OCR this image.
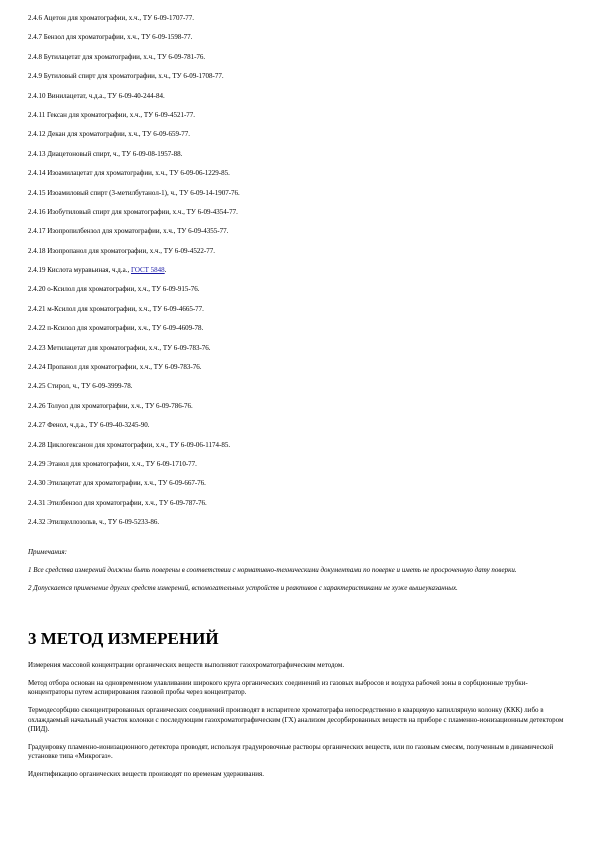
2.4.6 Ацетон для хроматографии, х.ч., ТУ 6-09-1707-77.
2.4.7 Бензол для хроматографии, х.ч., ТУ 6-09-1598-77.
2.4.8 Бутилацетат для хроматографии, х.ч., ТУ 6-09-781-76.
2.4.9 Бутиловый спирт для хроматографии, х.ч., ТУ 6-09-1708-77.
2.4.10 Винилацетат, ч.д.а., ТУ 6-09-40-244-84.
2.4.11 Гексан для хроматографии, х.ч., ТУ 6-09-4521-77.
2.4.12 Декан для хроматографии, х.ч., ТУ 6-09-659-77.
2.4.13 Диацетоновый спирт, ч., ТУ 6-09-08-1957-88.
2.4.14 Изоамилацетат для хроматографии, х.ч., ТУ 6-09-06-1229-85.
2.4.15 Изоамиловый спирт (3-метилбутанол-1), ч., ТУ 6-09-14-1907-76.
2.4.16 Изобутиловый спирт для хроматографии, х.ч., ТУ 6-09-4354-77.
2.4.17 Изопропилбензол для хроматографии, х.ч., ТУ 6-09-4355-77.
2.4.18 Изопропанол для хроматографии, х.ч., ТУ 6-09-4522-77.
2.4.19 Кислота муравьиная, ч.д.а., ГОСТ 5848.
2.4.20 о-Ксилол для хроматографии, х.ч., ТУ 6-09-915-76.
2.4.21 м-Ксилол для хроматографии, х.ч., ТУ 6-09-4665-77.
2.4.22 п-Ксилол для хроматографии, х.ч., ТУ 6-09-4609-78.
2.4.23 Метилацетат для хроматографии, х.ч., ТУ 6-09-783-76.
2.4.24 Пропанол для хроматографии, х.ч., ТУ 6-09-783-76.
2.4.25 Стирол, ч., ТУ 6-09-3999-78.
2.4.26 Толуол для хроматографии, х.ч., ТУ 6-09-786-76.
2.4.27 Фенол, ч.д.а., ТУ 6-09-40-3245-90.
2.4.28 Циклогексанон для хроматографии, х.ч., ТУ 6-09-06-1174-85.
2.4.29 Этанол для хроматографии, х.ч., ТУ 6-09-1710-77.
2.4.30 Этилацетат для хроматографии, х.ч., ТУ 6-09-667-76.
2.4.31 Этилбензол для хроматографии, х.ч., ТУ 6-09-787-76.
2.4.32 Этилцеллозольв, ч., ТУ 6-09-5233-86.

Примечания:

1 Все средства измерений должны быть поверены в соответствии с нормативно-техническими документами по поверке и иметь не просроченную дату поверки.

2 Допускается применение других средств измерений, вспомогательных устройств и реактивов с характеристиками не хуже вышеуказанных.

3 МЕТОД ИЗМЕРЕНИЙ

Измерения массовой концентрации органических веществ выполняют газохроматографическим методом.

Метод отбора основан на одновременном улавливании широкого круга органических соединений из газовых выбросов и воздуха рабочей зоны в сорбционные трубки-концентраторы путем аспирирования газовой пробы через концентратор.

Термодесорбцию сконцентрированных органических соединений производят в испарителе хроматографа непосредственно в кварцевую капиллярную колонку (ККК) либо в охлаждаемый начальный участок колонки с последующим газохроматографическим (ГХ) анализом десорбированных веществ на приборе с пламенно-ионизационным детектором (ПИД).

Градуировку пламенно-ионизационного детектора проводят, используя градуировочные растворы органических веществ, или по газовым смесям, полученным в динамической установке типа «Микрогаз».

Идентификацию органических веществ производят по временам удерживания.
